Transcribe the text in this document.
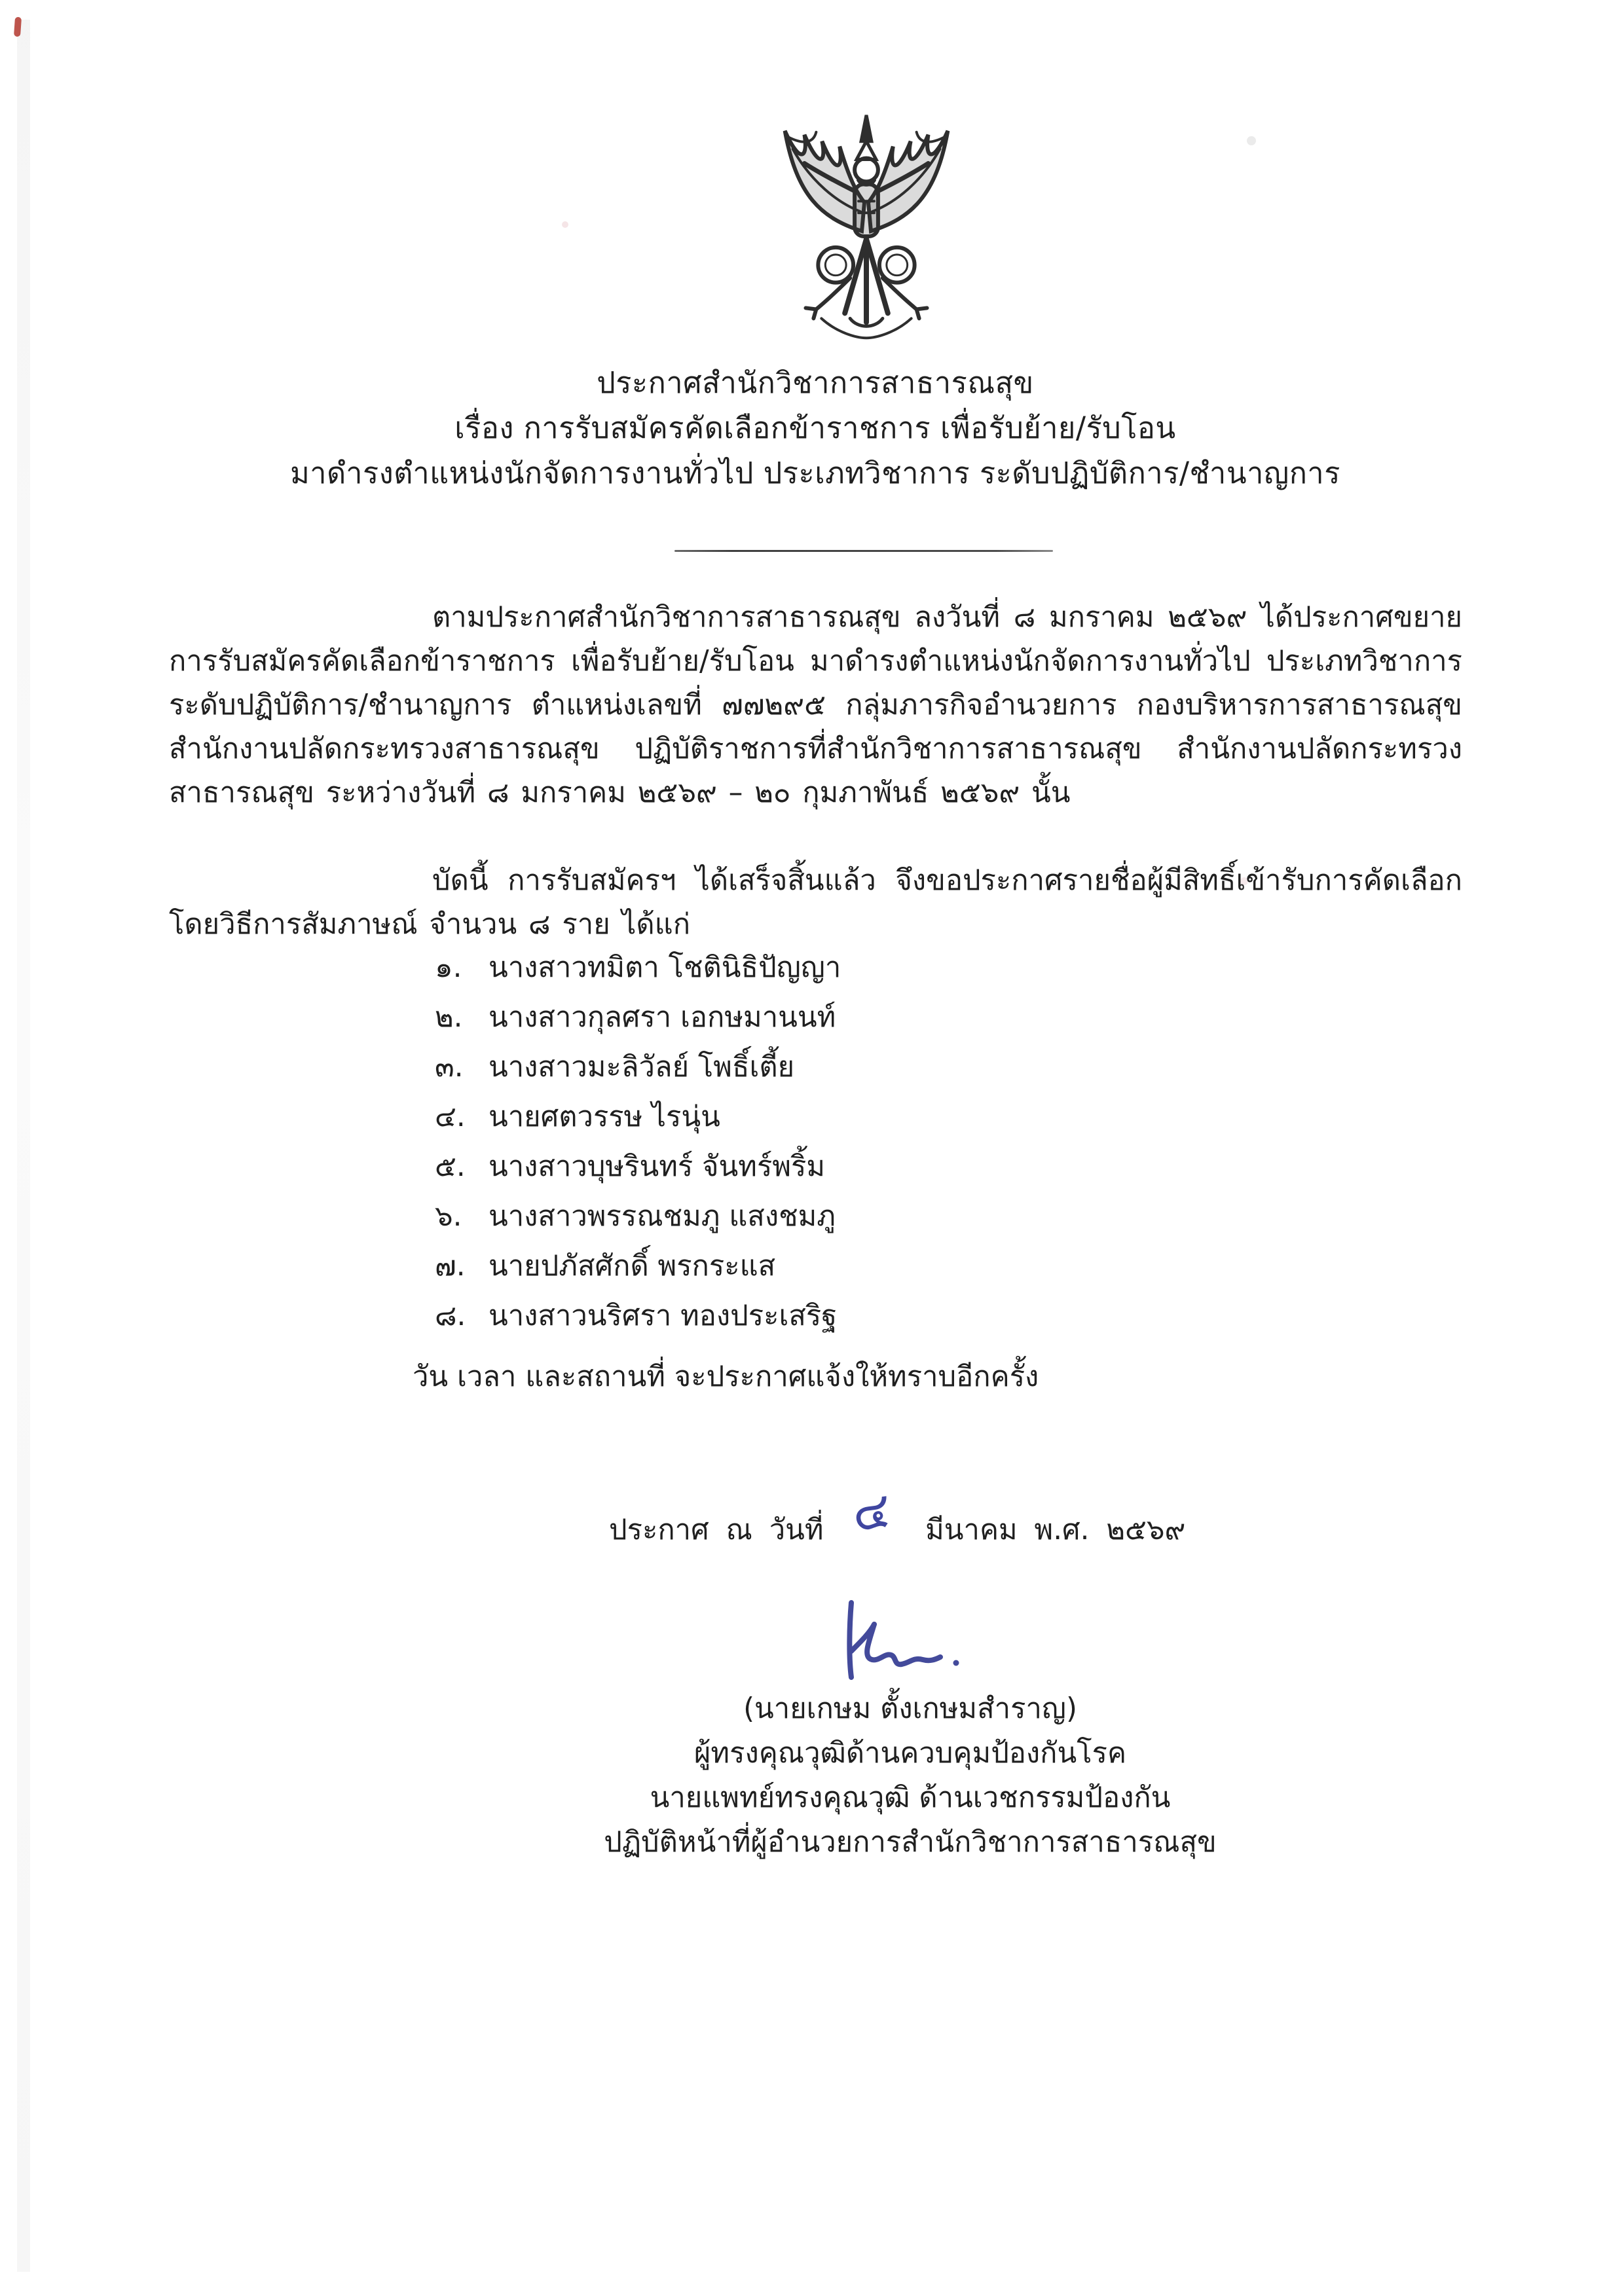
ประกาศสำนักวิชาการสาธารณสุข
เรื่อง การรับสมัครคัดเลือกข้าราชการ เพื่อรับย้าย/รับโอน
มาดำรงตำแหน่งนักจัดการงานทั่วไป ประเภทวิชาการ ระดับปฏิบัติการ/ชำนาญการ

ตามประกาศสำนักวิชาการสาธารณสุข ลงวันที่ ๘ มกราคม ๒๕๖๙ ได้ประกาศขยายการรับสมัครคัดเลือกข้าราชการ เพื่อรับย้าย/รับโอน มาดำรงตำแหน่งนักจัดการงานทั่วไป ประเภทวิชาการ ระดับปฏิบัติการ/ชำนาญการ ตำแหน่งเลขที่ ๗๗๒๙๕ กลุ่มภารกิจอำนวยการ กองบริหารการสาธารณสุข สำนักงานปลัดกระทรวงสาธารณสุข ปฏิบัติราชการที่สำนักวิชาการสาธารณสุข สำนักงานปลัดกระทรวงสาธารณสุข ระหว่างวันที่ ๘ มกราคม ๒๕๖๙ – ๒๐ กุมภาพันธ์ ๒๕๖๙ นั้น

บัดนี้ การรับสมัครฯ ได้เสร็จสิ้นแล้ว จึงขอประกาศรายชื่อผู้มีสิทธิ์เข้ารับการคัดเลือกโดยวิธีการสัมภาษณ์ จำนวน ๘ ราย ได้แก่

๑. นางสาวทมิตา โชตินิธิปัญญา
๒. นางสาวกุลศรา เอกษมานนท์
๓. นางสาวมะลิวัลย์ โพธิ์เตี้ย
๔. นายศตวรรษ ไรนุ่น
๕. นางสาวบุษรินทร์ จันทร์พริ้ม
๖. นางสาวพรรณชมภู แสงชมภู
๗. นายปภัสศักดิ์ พรกระแส
๘. นางสาวนริศรา ทองประเสริฐ
วัน เวลา และสถานที่ จะประกาศแจ้งให้ทราบอีกครั้ง
ประกาศ ณ วันที่ ๔ มีนาคม พ.ศ. ๒๕๖๙
(นายเกษม ตั้งเกษมสำราญ)
ผู้ทรงคุณวุฒิด้านควบคุมป้องกันโรค
นายแพทย์ทรงคุณวุฒิ ด้านเวชกรรมป้องกัน
ปฏิบัติหน้าที่ผู้อำนวยการสำนักวิชาการสาธารณสุข
